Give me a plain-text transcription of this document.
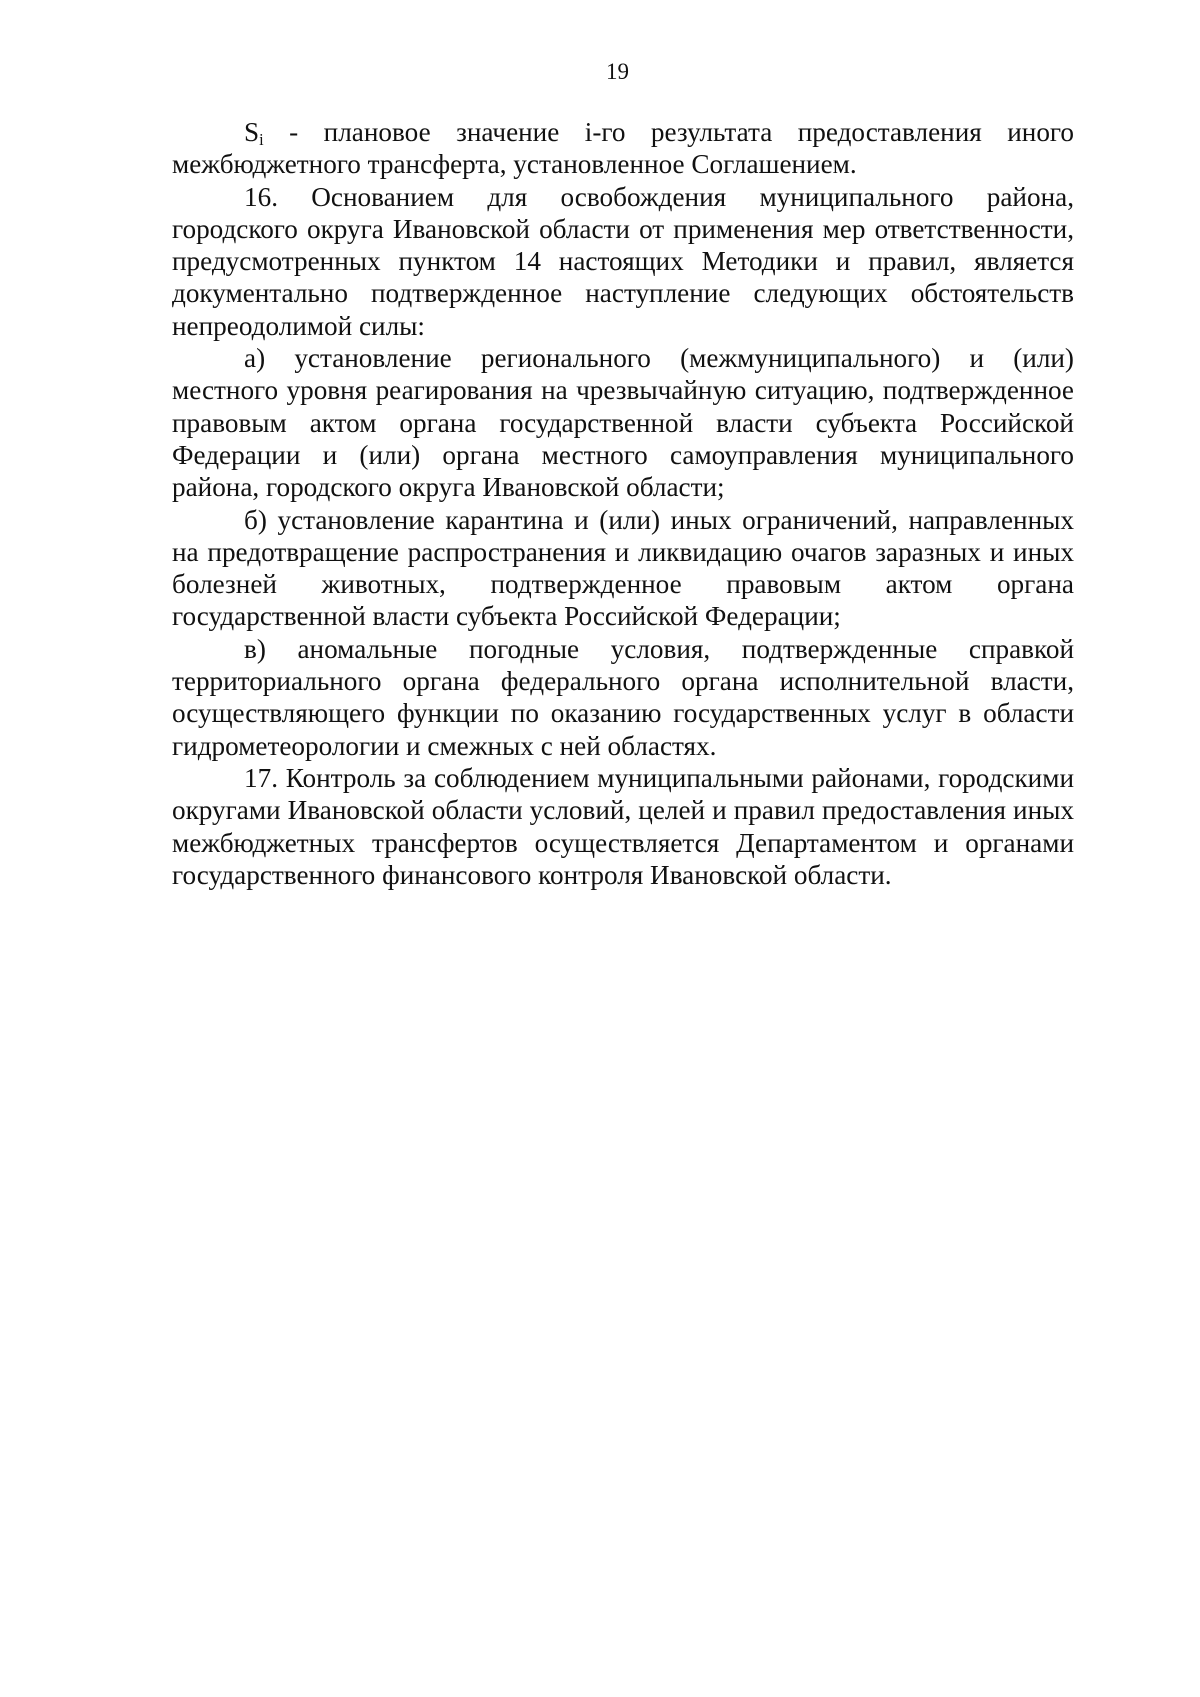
19

$S_i$ - плановое значение i-го результата предоставления иного межбюджетного трансферта, установленное Соглашением.

16. Основанием для освобождения муниципального района, городского округа Ивановской области от применения мер ответственности, предусмотренных пунктом 14 настоящих Методики и правил, является документально подтвержденное наступление следующих обстоятельств непреодолимой силы:

а) установление регионального (межмуниципального) и (или) местного уровня реагирования на чрезвычайную ситуацию, подтвержденное правовым актом органа государственной власти субъекта Российской Федерации и (или) органа местного самоуправления муниципального района, городского округа Ивановской области;

б) установление карантина и (или) иных ограничений, направленных на предотвращение распространения и ликвидацию очагов заразных и иных болезней животных, подтвержденное правовым актом органа государственной власти субъекта Российской Федерации;

в) аномальные погодные условия, подтвержденные справкой территориального органа федерального органа исполнительной власти, осуществляющего функции по оказанию государственных услуг в области гидрометеорологии и смежных с ней областях.

17. Контроль за соблюдением муниципальными районами, городскими округами Ивановской области условий, целей и правил предоставления иных межбюджетных трансфертов осуществляется Департаментом и органами государственного финансового контроля Ивановской области.
